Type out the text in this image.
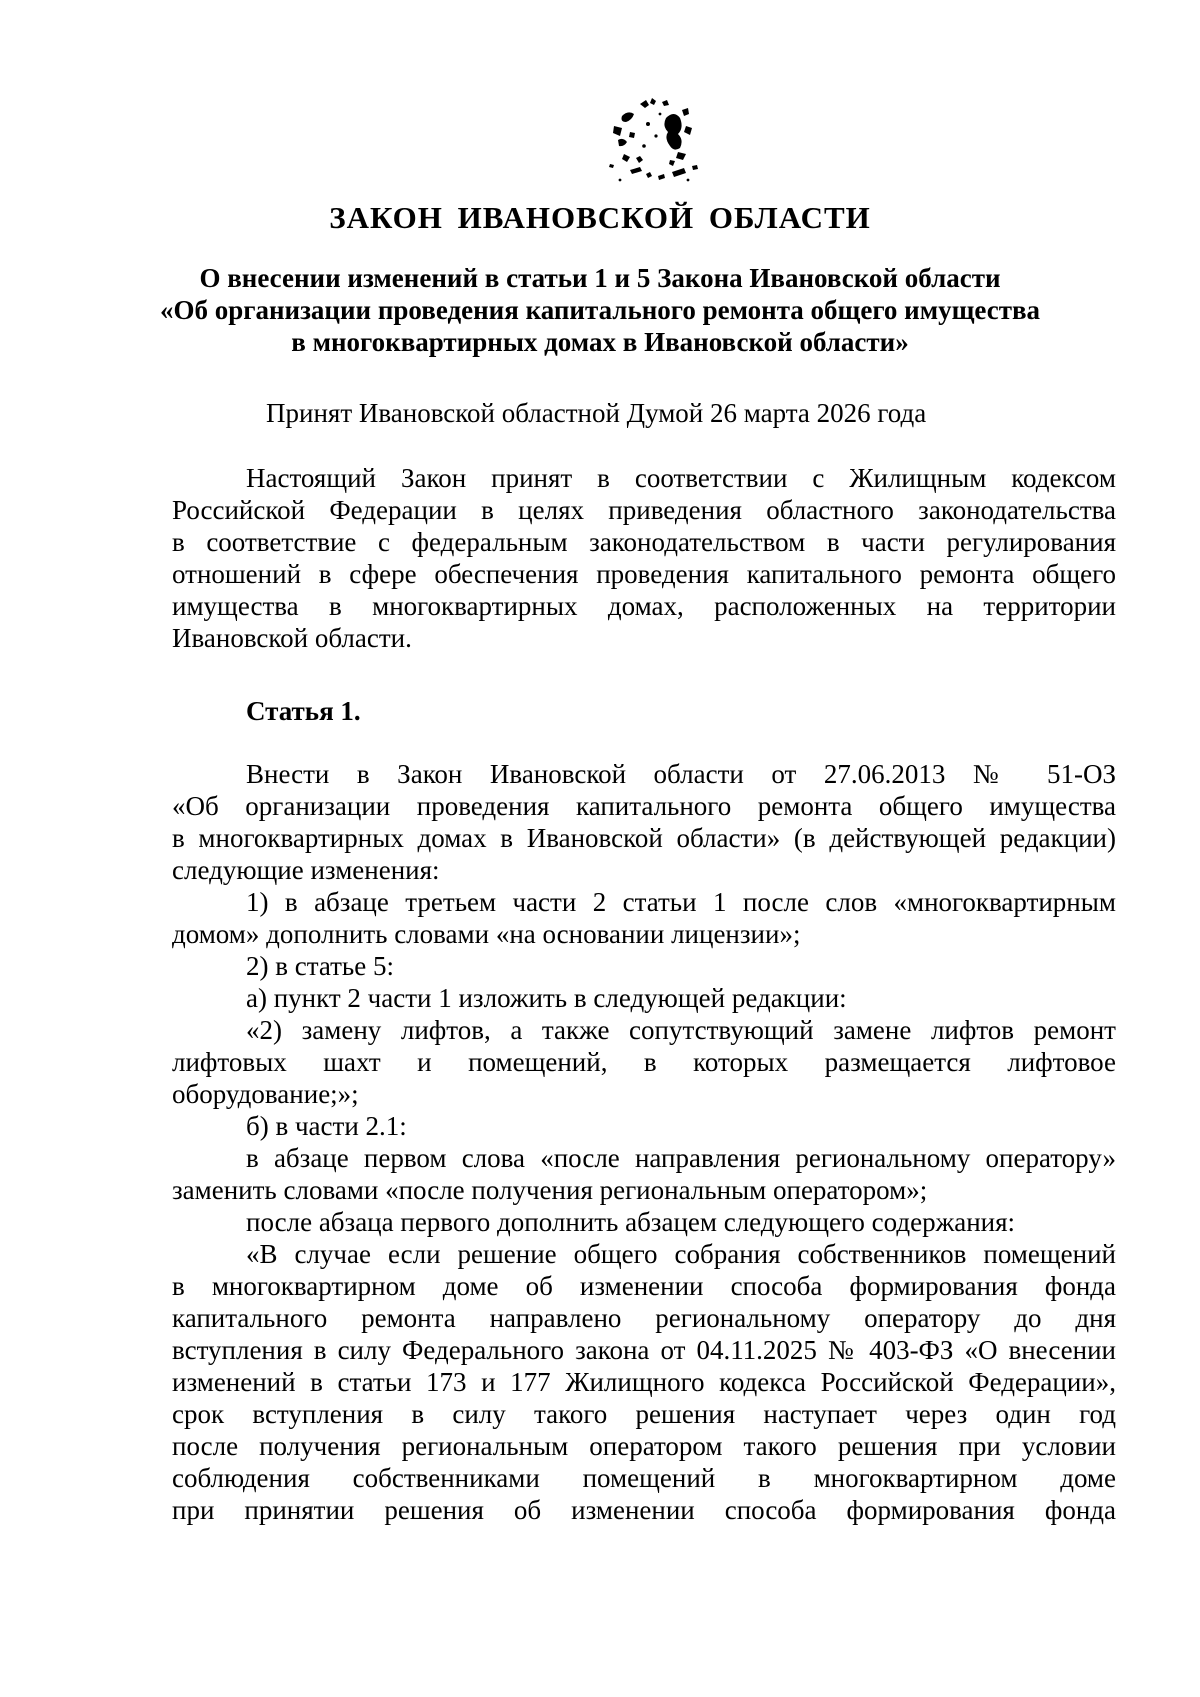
ЗАКОН ИВАНОВСКОЙ ОБЛАСТИ
О внесении изменений в статьи 1 и 5 Закона Ивановской области
«Об организации проведения капитального ремонта общего имущества
в многоквартирных домах в Ивановской области»

Принят Ивановской областной Думой 26 марта 2026 года

Настоящий Закон принят в соответствии с Жилищным кодексом
Российской Федерации в целях приведения областного законодательства
в соответствие с федеральным законодательством в части регулирования
отношений в сфере обеспечения проведения капитального ремонта общего
имущества в многоквартирных домах, расположенных на территории
Ивановской области.
Статья 1.
Внести в Закон Ивановской области от 27.06.2013 № 51-ОЗ
«Об организации проведения капитального ремонта общего имущества
в многоквартирных домах в Ивановской области» (в действующей редакции)
следующие изменения:
1) в абзаце третьем части 2 статьи 1 после слов «многоквартирным
домом» дополнить словами «на основании лицензии»;
2) в статье 5:
а) пункт 2 части 1 изложить в следующей редакции:
«2) замену лифтов, а также сопутствующий замене лифтов ремонт
лифтовых шахт и помещений, в которых размещается лифтовое
оборудование;»;
б) в части 2.1:
в абзаце первом слова «после направления региональному оператору»
заменить словами «после получения региональным оператором»;
после абзаца первого дополнить абзацем следующего содержания:
«В случае если решение общего собрания собственников помещений
в многоквартирном доме об изменении способа формирования фонда
капитального ремонта направлено региональному оператору до дня
вступления в силу Федерального закона от 04.11.2025 № 403-ФЗ «О внесении
изменений в статьи 173 и 177 Жилищного кодекса Российской Федерации»,
срок вступления в силу такого решения наступает через один год
после получения региональным оператором такого решения при условии
соблюдения собственниками помещений в многоквартирном доме
при принятии решения об изменении способа формирования фонда
